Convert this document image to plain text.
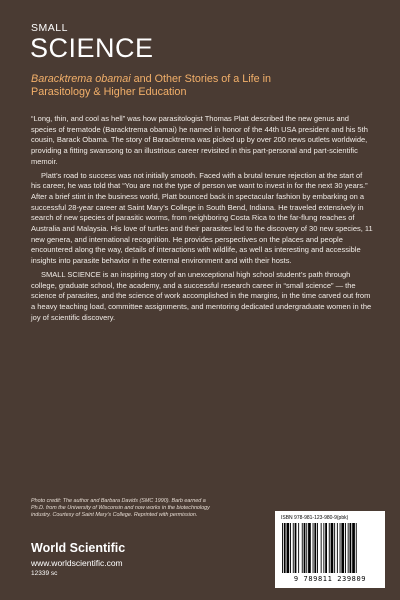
SMALL
SCIENCE
Baracktrema obamai and Other Stories of a Life in Parasitology & Higher Education

“Long, thin, and cool as hell” was how parasitologist Thomas Platt described the new genus and species of trematode (Baracktrema obamai) he named in honor of the 44th USA president and his 5th cousin, Barack Obama. The story of Baracktrema was picked up by over 200 news outlets worldwide, providing a fitting swansong to an illustrious career revisited in this part-personal and part-scientific memoir.

Platt’s road to success was not initially smooth. Faced with a brutal tenure rejection at the start of his career, he was told that “You are not the type of person we want to invest in for the next 30 years.” After a brief stint in the business world, Platt bounced back in spectacular fashion by embarking on a successful 28-year career at Saint Mary’s College in South Bend, Indiana. He traveled extensively in search of new species of parasitic worms, from neighboring Costa Rica to the far-flung reaches of Australia and Malaysia. His love of turtles and their parasites led to the discovery of 30 new species, 11 new genera, and international recognition. He provides perspectives on the places and people encountered along the way, details of interactions with wildlife, as well as interesting and accessible insights into parasite behavior in the external environment and with their hosts.

SMALL SCIENCE is an inspiring story of an unexceptional high school student’s path through college, graduate school, the academy, and a successful research career in “small science” — the science of parasites, and the science of work accomplished in the margins, in the time carved out from a heavy teaching load, committee assignments, and mentoring dedicated undergraduate women in the joy of scientific discovery.

Photo credit: The author and Barbara Davids (SMC 1990). Barb earned a Ph.D. from the University of Wisconsin and now works in the biotechnology industry. Courtesy of Saint Mary’s College. Reprinted with permission.
World Scientific
www.worldscientific.com
12339 sc
ISBN 978-981-123-980-9(pbk)
9 789811 239809
